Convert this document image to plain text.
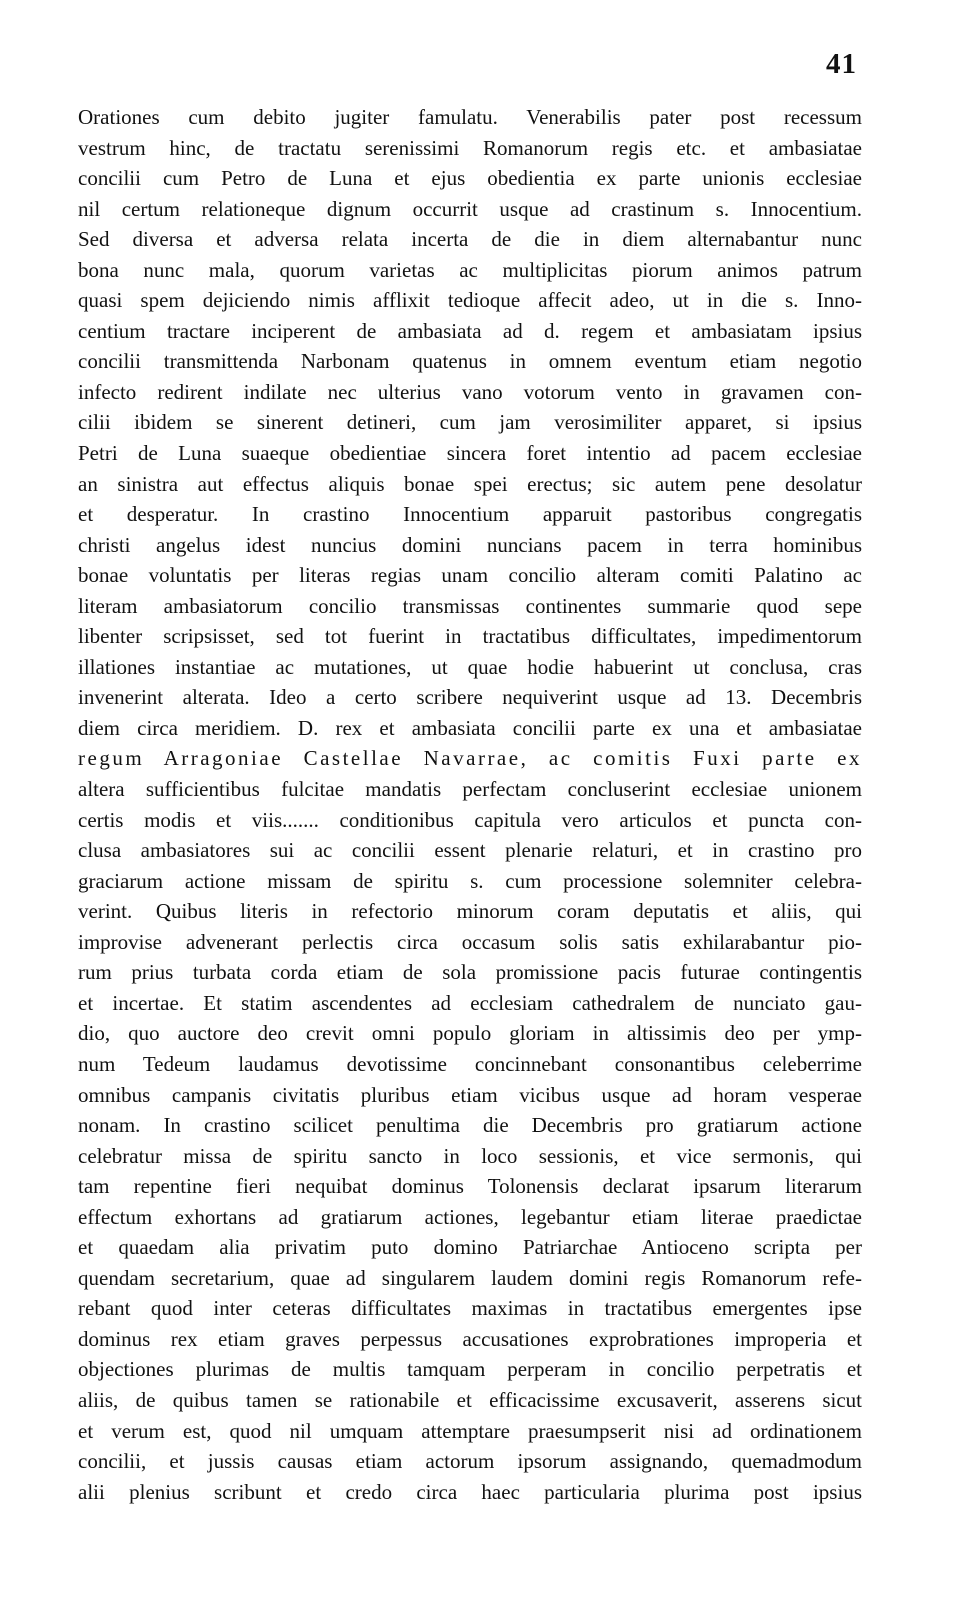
41
Orationes cum debito jugiter famulatu. Venerabilis pater post recessum
vestrum hinc, de tractatu serenissimi Romanorum regis etc. et ambasiatae
concilii cum Petro de Luna et ejus obedientia ex parte unionis ecclesiae
nil certum relationeque dignum occurrit usque ad crastinum s. Innocentium.
Sed diversa et adversa relata incerta de die in diem alternabantur nunc
bona nunc mala, quorum varietas ac multiplicitas piorum animos patrum
quasi spem dejiciendo nimis afflixit tedioque affecit adeo, ut in die s. Inno-
centium tractare inciperent de ambasiata ad d. regem et ambasiatam ipsius
concilii transmittenda Narbonam quatenus in omnem eventum etiam negotio
infecto redirent indilate nec ulterius vano votorum vento in gravamen con-
cilii ibidem se sinerent detineri, cum jam verosimiliter apparet, si ipsius
Petri de Luna suaeque obedientiae sincera foret intentio ad pacem ecclesiae
an sinistra aut effectus aliquis bonae spei erectus; sic autem pene desolatur
et desperatur. In crastino Innocentium apparuit pastoribus congregatis
christi angelus idest nuncius domini nuncians pacem in terra hominibus
bonae voluntatis per literas regias unam concilio alteram comiti Palatino ac
literam ambasiatorum concilio transmissas continentes summarie quod sepe
libenter scripsisset, sed tot fuerint in tractatibus difficultates, impedimentorum
illationes instantiae ac mutationes, ut quae hodie habuerint ut conclusa, cras
invenerint alterata. Ideo a certo scribere nequiverint usque ad 13. Decembris
diem circa meridiem. D. rex et ambasiata concilii parte ex una et ambasiatae
regum Arragoniae Castellae Navarrae, ac comitis Fuxi parte ex
altera sufficientibus fulcitae mandatis perfectam concluserint ecclesiae unionem
certis modis et viis....... conditionibus capitula vero articulos et puncta con-
clusa ambasiatores sui ac concilii essent plenarie relaturi, et in crastino pro
graciarum actione missam de spiritu s. cum processione solemniter celebra-
verint. Quibus literis in refectorio minorum coram deputatis et aliis, qui
improvise advenerant perlectis circa occasum solis satis exhilarabantur pio-
rum prius turbata corda etiam de sola promissione pacis futurae contingentis
et incertae. Et statim ascendentes ad ecclesiam cathedralem de nunciato gau-
dio, quo auctore deo crevit omni populo gloriam in altissimis deo per ymp-
num Tedeum laudamus devotissime concinnebant consonantibus celeberrime
omnibus campanis civitatis pluribus etiam vicibus usque ad horam vesperae
nonam. In crastino scilicet penultima die Decembris pro gratiarum actione
celebratur missa de spiritu sancto in loco sessionis, et vice sermonis, qui
tam repentine fieri nequibat dominus Tolonensis declarat ipsarum literarum
effectum exhortans ad gratiarum actiones, legebantur etiam literae praedictae
et quaedam alia privatim puto domino Patriarchae Antioceno scripta per
quendam secretarium, quae ad singularem laudem domini regis Romanorum refe-
rebant quod inter ceteras difficultates maximas in tractatibus emergentes ipse
dominus rex etiam graves perpessus accusationes exprobrationes improperia et
objectiones plurimas de multis tamquam perperam in concilio perpetratis et
aliis, de quibus tamen se rationabile et efficacissime excusaverit, asserens sicut
et verum est, quod nil umquam attemptare praesumpserit nisi ad ordinationem
concilii, et jussis causas etiam actorum ipsorum assignando, quemadmodum
alii plenius scribunt et credo circa haec particularia plurima post ipsius
